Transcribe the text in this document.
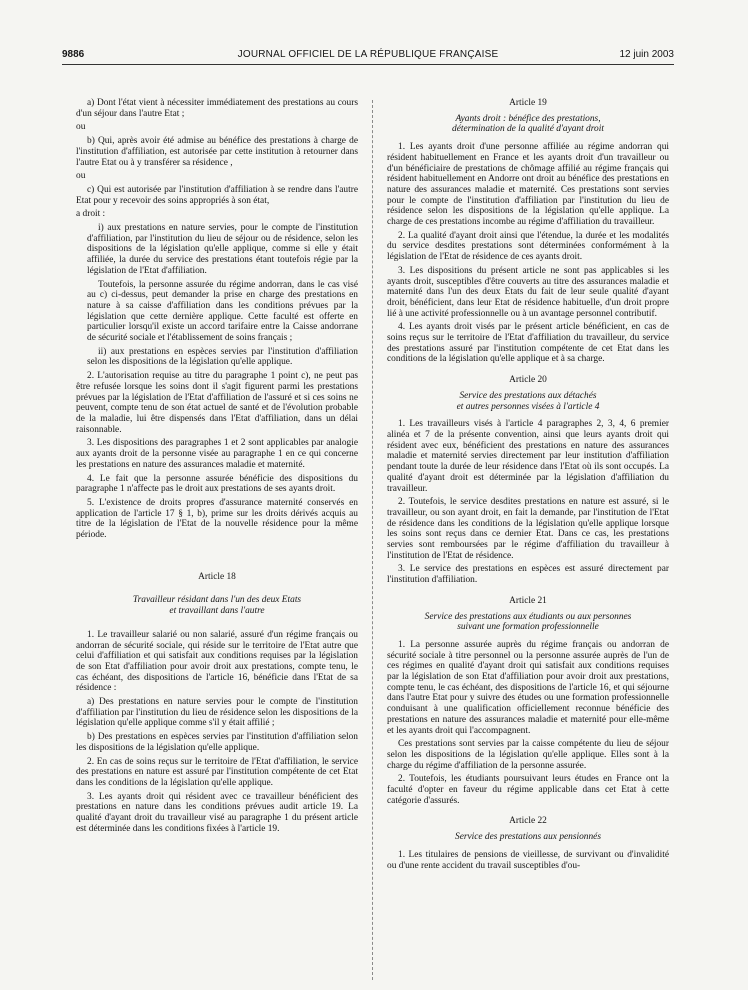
9886	JOURNAL OFFICIEL DE LA RÉPUBLIQUE FRANÇAISE	12 juin 2003

a) Dont l'état vient à nécessiter immédiatement des prestations au cours d'un séjour dans l'autre Etat ;

ou

b) Qui, après avoir été admise au bénéfice des prestations à charge de l'institution d'affiliation, est autorisée par cette institution à retourner dans l'autre Etat ou à y transférer sa résidence ,

ou

c) Qui est autorisée par l'institution d'affiliation à se rendre dans l'autre Etat pour y recevoir des soins appropriés à son état,

a droit :

i) aux prestations en nature servies, pour le compte de l'institution d'affiliation, par l'institution du lieu de séjour ou de résidence, selon les dispositions de la législation qu'elle applique, comme si elle y était affiliée, la durée du service des prestations étant toutefois régie par la législation de l'Etat d'affiliation.

Toutefois, la personne assurée du régime andorran, dans le cas visé au c) ci-dessus, peut demander la prise en charge des prestations en nature à sa caisse d'affiliation dans les conditions prévues par la législation que cette dernière applique. Cette faculté est offerte en particulier lorsqu'il existe un accord tarifaire entre la Caisse andorrane de sécurité sociale et l'établissement de soins français ;

ii) aux prestations en espèces servies par l'institution d'affiliation selon les dispositions de la législation qu'elle applique.

2. L'autorisation requise au titre du paragraphe 1 point c), ne peut pas être refusée lorsque les soins dont il s'agit figurent parmi les prestations prévues par la législation de l'Etat d'affiliation de l'assuré et si ces soins ne peuvent, compte tenu de son état actuel de santé et de l'évolution probable de la maladie, lui être dispensés dans l'Etat d'affiliation, dans un délai raisonnable.

3. Les dispositions des paragraphes 1 et 2 sont applicables par analogie aux ayants droit de la personne visée au paragraphe 1 en ce qui concerne les prestations en nature des assurances maladie et maternité.

4. Le fait que la personne assurée bénéficie des dispositions du paragraphe 1 n'affecte pas le droit aux prestations de ses ayants droit.

5. L'existence de droits propres d'assurance maternité conservés en application de l'article 17 § 1, b), prime sur les droits dérivés acquis au titre de la législation de l'Etat de la nouvelle résidence pour la même période.

Article 18

Travailleur résidant dans l'un des deux Etats
et travaillant dans l'autre

1. Le travailleur salarié ou non salarié, assuré d'un régime français ou andorran de sécurité sociale, qui réside sur le territoire de l'Etat autre que celui d'affiliation et qui satisfait aux conditions requises par la législation de son Etat d'affiliation pour avoir droit aux prestations, compte tenu, le cas échéant, des dispositions de l'article 16, bénéficie dans l'Etat de sa résidence :

a) Des prestations en nature servies pour le compte de l'institution d'affiliation par l'institution du lieu de résidence selon les dispositions de la législation qu'elle applique comme s'il y était affilié ;

b) Des prestations en espèces servies par l'institution d'affiliation selon les dispositions de la législation qu'elle applique.

2. En cas de soins reçus sur le territoire de l'Etat d'affiliation, le service des prestations en nature est assuré par l'institution compétente de cet Etat dans les conditions de la législation qu'elle applique.

3. Les ayants droit qui résident avec ce travailleur bénéficient des prestations en nature dans les conditions prévues audit article 19. La qualité d'ayant droit du travailleur visé au paragraphe 1 du présent article est déterminée dans les conditions fixées à l'article 19.

Article 19

Ayants droit : bénéfice des prestations,
détermination de la qualité d'ayant droit

1. Les ayants droit d'une personne affiliée au régime andorran qui résident habituellement en France et les ayants droit d'un travailleur ou d'un bénéficiaire de prestations de chômage affilié au régime français qui résident habituellement en Andorre ont droit au bénéfice des prestations en nature des assurances maladie et maternité. Ces prestations sont servies pour le compte de l'institution d'affiliation par l'institution du lieu de résidence selon les dispositions de la législation qu'elle applique. La charge de ces prestations incombe au régime d'affiliation du travailleur.

2. La qualité d'ayant droit ainsi que l'étendue, la durée et les modalités du service desdites prestations sont déterminées conformément à la législation de l'Etat de résidence de ces ayants droit.

3. Les dispositions du présent article ne sont pas applicables si les ayants droit, susceptibles d'être couverts au titre des assurances maladie et maternité dans l'un des deux Etats du fait de leur seule qualité d'ayant droit, bénéficient, dans leur Etat de résidence habituelle, d'un droit propre lié à une activité professionnelle ou à un avantage personnel contributif.

4. Les ayants droit visés par le présent article bénéficient, en cas de soins reçus sur le territoire de l'Etat d'affiliation du travailleur, du service des prestations assuré par l'institution compétente de cet Etat dans les conditions de la législation qu'elle applique et à sa charge.

Article 20

Service des prestations aux détachés
et autres personnes visées à l'article 4

1. Les travailleurs visés à l'article 4 paragraphes 2, 3, 4, 6 premier alinéa et 7 de la présente convention, ainsi que leurs ayants droit qui résident avec eux, bénéficient des prestations en nature des assurances maladie et maternité servies directement par leur institution d'affiliation pendant toute la durée de leur résidence dans l'Etat où ils sont occupés. La qualité d'ayant droit est déterminée par la législation d'affiliation du travailleur.

2. Toutefois, le service desdites prestations en nature est assuré, si le travailleur, ou son ayant droit, en fait la demande, par l'institution de l'Etat de résidence dans les conditions de la législation qu'elle applique lorsque les soins sont reçus dans ce dernier Etat. Dans ce cas, les prestations servies sont remboursées par le régime d'affiliation du travailleur à l'institution de l'Etat de résidence.

3. Le service des prestations en espèces est assuré directement par l'institution d'affiliation.

Article 21

Service des prestations aux étudiants ou aux personnes
suivant une formation professionnelle

1. La personne assurée auprès du régime français ou andorran de sécurité sociale à titre personnel ou la personne assurée auprès de l'un de ces régimes en qualité d'ayant droit qui satisfait aux conditions requises par la législation de son Etat d'affiliation pour avoir droit aux prestations, compte tenu, le cas échéant, des dispositions de l'article 16, et qui séjourne dans l'autre Etat pour y suivre des études ou une formation professionnelle conduisant à une qualification officiellement reconnue bénéficie des prestations en nature des assurances maladie et maternité pour elle-même et les ayants droit qui l'accompagnent.

Ces prestations sont servies par la caisse compétente du lieu de séjour selon les dispositions de la législation qu'elle applique. Elles sont à la charge du régime d'affiliation de la personne assurée.

2. Toutefois, les étudiants poursuivant leurs études en France ont la faculté d'opter en faveur du régime applicable dans cet Etat à cette catégorie d'assurés.

Article 22

Service des prestations aux pensionnés

1. Les titulaires de pensions de vieillesse, de survivant ou d'invalidité ou d'une rente accident du travail susceptibles d'ou-
